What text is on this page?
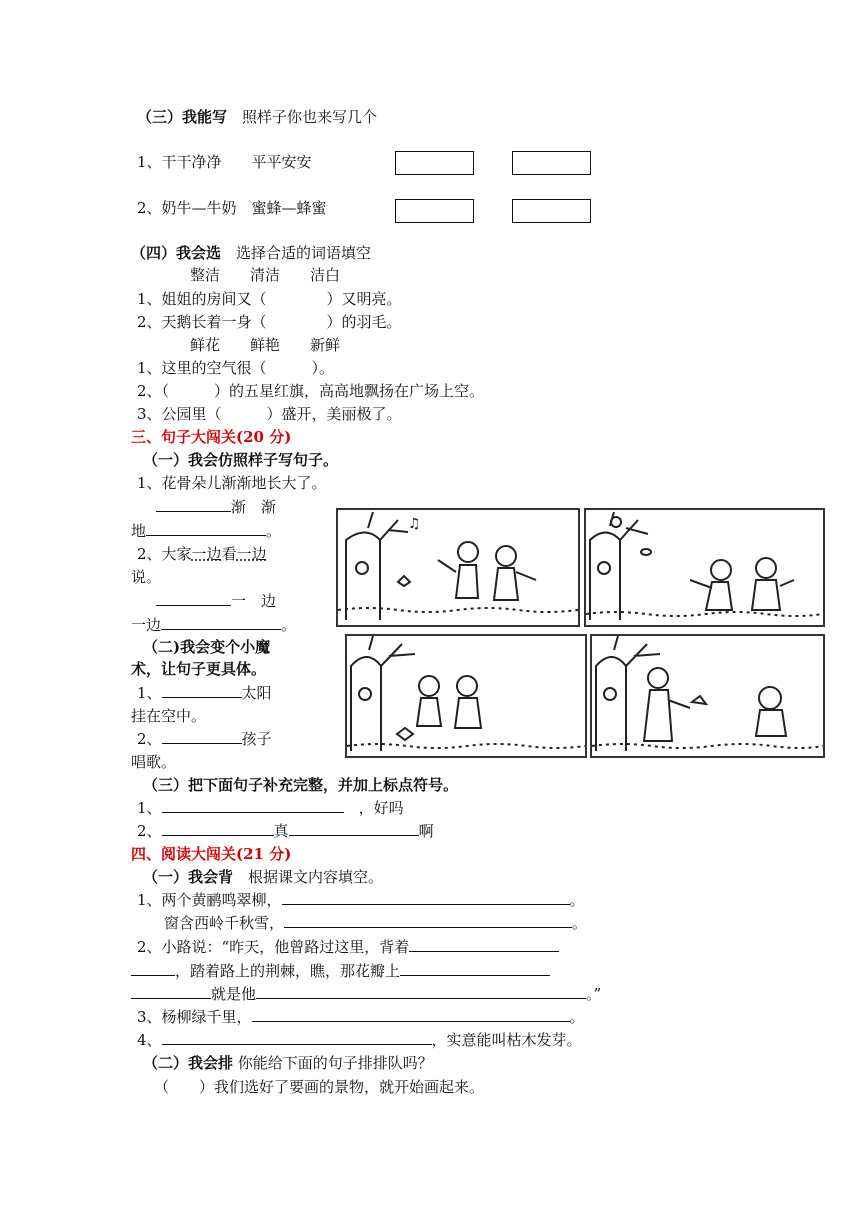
（三）我能写　 照样子你也来写几个
1、干干净净　　平平安安
2、奶牛—牛奶　蜜蜂—蜂蜜
（四）我会选　 选择合适的词语填空
整洁　　清洁　　洁白
1、姐姐的房间又（　　　　）又明亮。
2、天鹅长着一身（　　　　）的羽毛。
鲜花　　鲜艳　　新鲜
1、这里的空气很（　　　）。
2、（　　　）的五星红旗，高高地飘扬在广场上空。
3、公园里（　　　）盛开，美丽极了。
三、句子大闯关(20 分)
（一）我会仿照样子写句子。
1、花骨朵儿渐渐地长大了。
渐　渐
地	。
2、大家一边看一边
说。
一　边
一边	。
（二)我会变个小魔
术，让句子更具体。
1、	太阳
挂在空中。
2、	孩子
唱歌。
♫
（三）把下面句子补充完整，并加上标点符号。
1、　	，好吗
2、	真	啊
四、阅读大闯关(21 分)
（一）我会背　 根据课文内容填空。
1、两个黄鹂鸣翠柳，	。
窗含西岭千秋雪，	。
2、小路说：“昨天，他曾路过这里，背着
，踏着路上的荆棘，瞧，那花瓣上
就是他	。”
3、杨柳绿千里，	。
4、	，实意能叫枯木发芽。
（二）我会排 你能给下面的句子排排队吗？
（　　）我们选好了要画的景物，就开始画起来。
